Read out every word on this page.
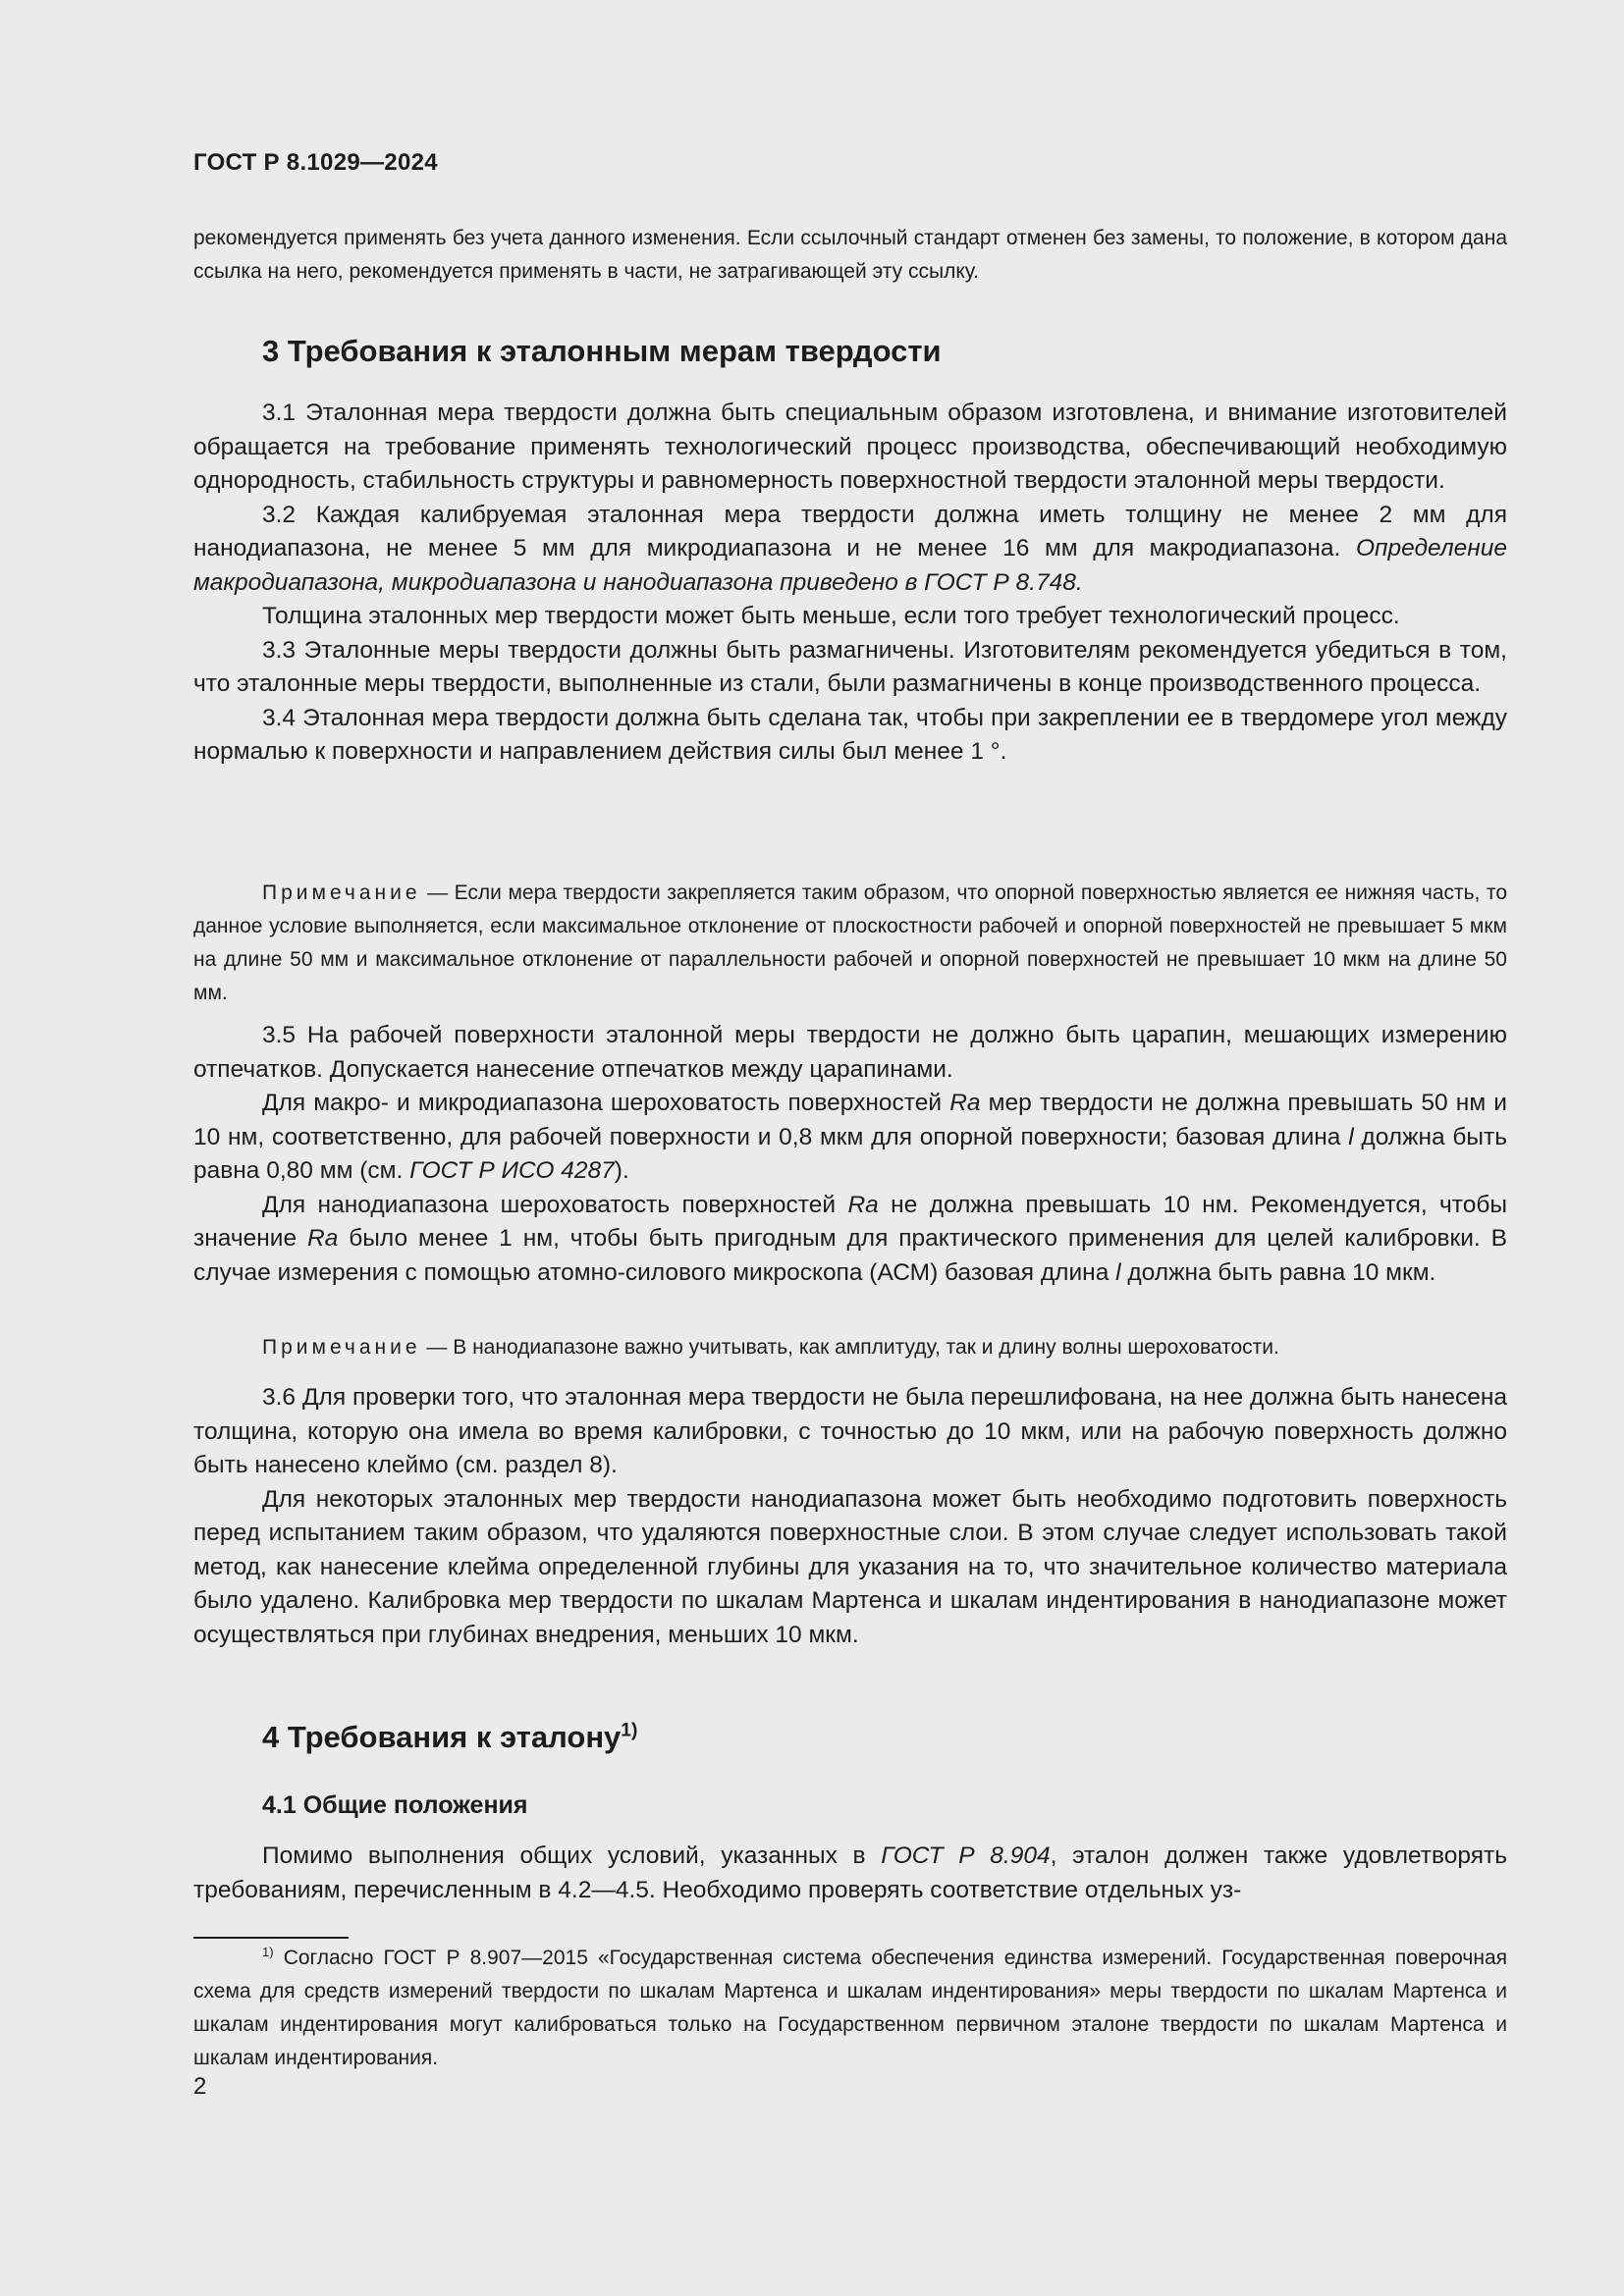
ГОСТ Р 8.1029—2024

рекомендуется применять без учета данного изменения. Если ссылочный стандарт отменен без замены, то положение, в котором дана ссылка на него, рекомендуется применять в части, не затрагивающей эту ссылку.

3 Требования к эталонным мерам твердости

3.1 Эталонная мера твердости должна быть специальным образом изготовлена, и внимание изготовителей обращается на требование применять технологический процесс производства, обеспечивающий необходимую однородность, стабильность структуры и равномерность поверхностной твердости эталонной меры твердости.

3.2 Каждая калибруемая эталонная мера твердости должна иметь толщину не менее 2 мм для нанодиапазона, не менее 5 мм для микродиапазона и не менее 16 мм для макродиапазона. Определение макродиапазона, микродиапазона и нанодиапазона приведено в ГОСТ Р 8.748.

Толщина эталонных мер твердости может быть меньше, если того требует технологический процесс.

3.3 Эталонные меры твердости должны быть размагничены. Изготовителям рекомендуется убедиться в том, что эталонные меры твердости, выполненные из стали, были размагничены в конце производственного процесса.

3.4 Эталонная мера твердости должна быть сделана так, чтобы при закреплении ее в твердомере угол между нормалью к поверхности и направлением действия силы был менее 1 °.

Примечание — Если мера твердости закрепляется таким образом, что опорной поверхностью является ее нижняя часть, то данное условие выполняется, если максимальное отклонение от плоскостности рабочей и опорной поверхностей не превышает 5 мкм на длине 50 мм и максимальное отклонение от параллельности рабочей и опорной поверхностей не превышает 10 мкм на длине 50 мм.

3.5 На рабочей поверхности эталонной меры твердости не должно быть царапин, мешающих измерению отпечатков. Допускается нанесение отпечатков между царапинами.

Для макро- и микродиапазона шероховатость поверхностей Ra мер твердости не должна превышать 50 нм и 10 нм, соответственно, для рабочей поверхности и 0,8 мкм для опорной поверхности; базовая длина l должна быть равна 0,80 мм (см. ГОСТ Р ИСО 4287).

Для нанодиапазона шероховатость поверхностей Ra не должна превышать 10 нм. Рекомендуется, чтобы значение Ra было менее 1 нм, чтобы быть пригодным для практического применения для целей калибровки. В случае измерения с помощью атомно-силового микроскопа (АСМ) базовая длина l должна быть равна 10 мкм.

Примечание — В нанодиапазоне важно учитывать, как амплитуду, так и длину волны шероховатости.

3.6 Для проверки того, что эталонная мера твердости не была перешлифована, на нее должна быть нанесена толщина, которую она имела во время калибровки, с точностью до 10 мкм, или на рабочую поверхность должно быть нанесено клеймо (см. раздел 8).

Для некоторых эталонных мер твердости нанодиапазона может быть необходимо подготовить поверхность перед испытанием таким образом, что удаляются поверхностные слои. В этом случае следует использовать такой метод, как нанесение клейма определенной глубины для указания на то, что значительное количество материала было удалено. Калибровка мер твердости по шкалам Мартенса и шкалам индентирования в нанодиапазоне может осуществляться при глубинах внедрения, меньших 10 мкм.

4 Требования к эталону$^{1)}$
4.1 Общие положения

Помимо выполнения общих условий, указанных в ГОСТ Р 8.904, эталон должен также удовлетворять требованиям, перечисленным в 4.2—4.5. Необходимо проверять соответствие отдельных уз-

$^{1)}$ Согласно ГОСТ Р 8.907—2015 «Государственная система обеспечения единства измерений. Государственная поверочная схема для средств измерений твердости по шкалам Мартенса и шкалам индентирования» меры твердости по шкалам Мартенса и шкалам индентирования могут калиброваться только на Государственном первичном эталоне твердости по шкалам Мартенса и шкалам индентирования.

2
